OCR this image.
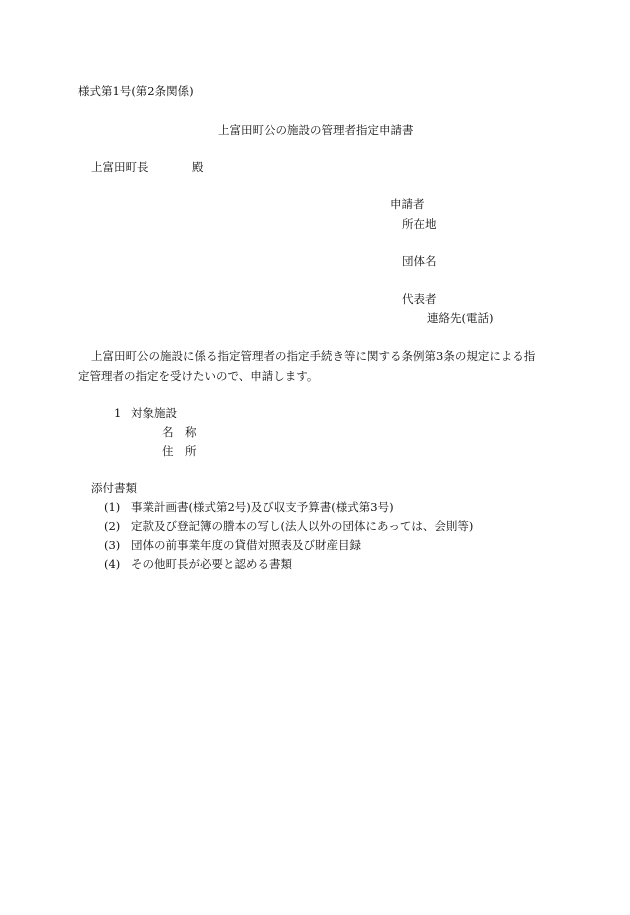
様式第1号(第2条関係)
上富田町公の施設の管理者指定申請書
上富田町長	殿
申請者
所在地
団体名
代表者
連絡先(電話)
上富田町公の施設に係る指定管理者の指定手続き等に関する条例第3条の規定による指
定管理者の指定を受けたいので、申請します。
1 対象施設
名　称
住　所
添付書類
(1) 事業計画書(様式第2号)及び収支予算書(様式第3号)
(2) 定款及び登記簿の謄本の写し(法人以外の団体にあっては、会則等)
(3) 団体の前事業年度の貸借対照表及び財産目録
(4) その他町長が必要と認める書類
